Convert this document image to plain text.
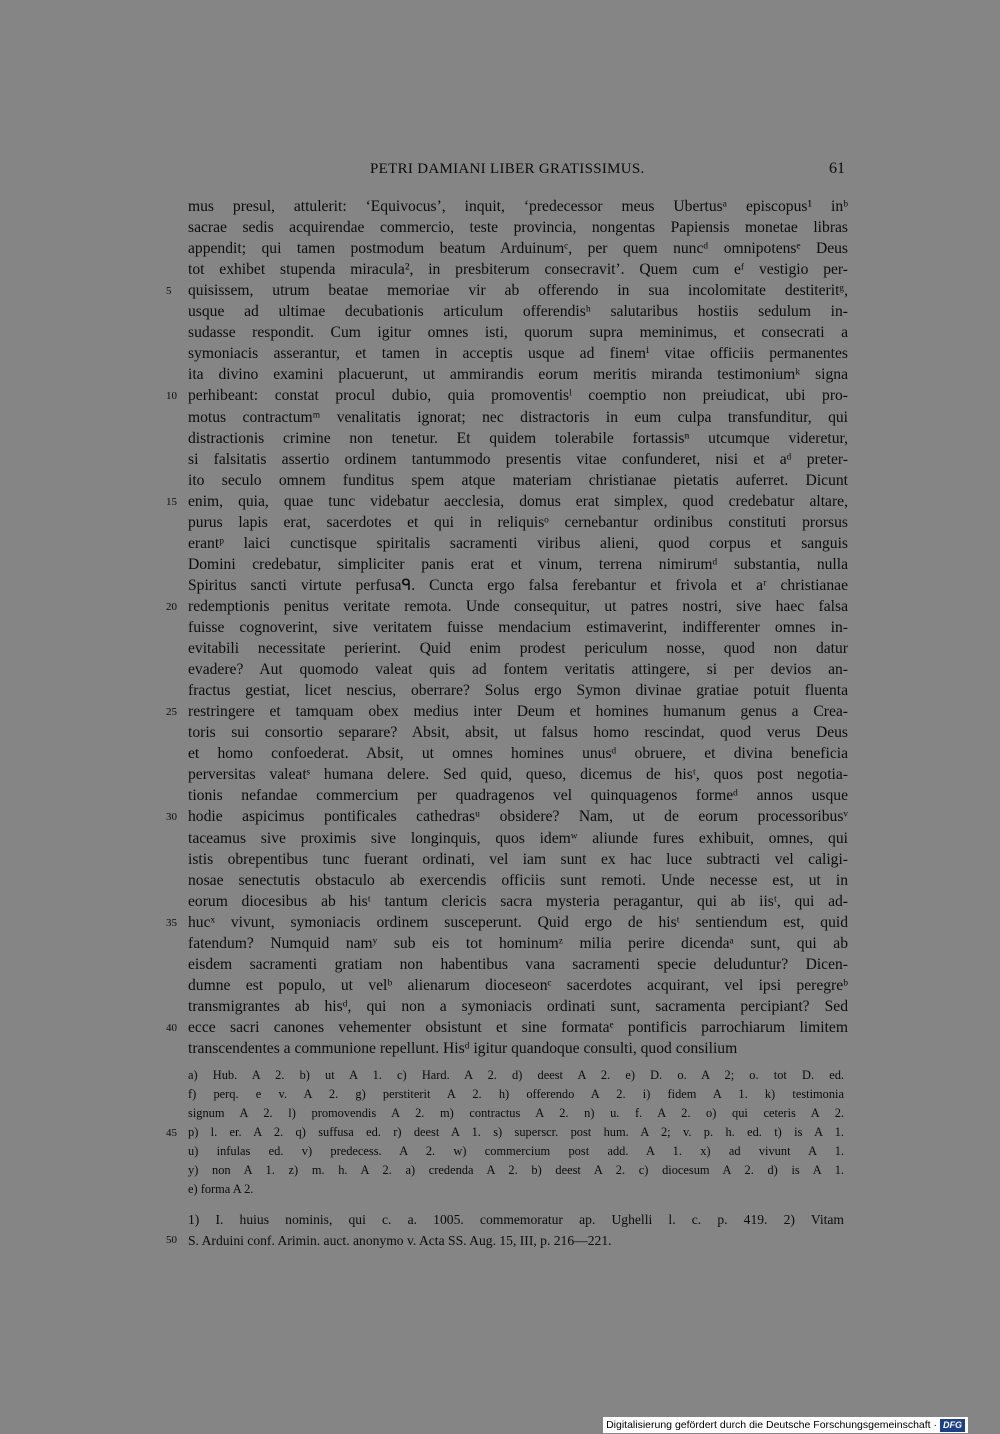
PETRI DAMIANI LIBER GRATISSIMUS.	61
mus presul, attulerit: ‘Equivocus’, inquit, ‘predecessor meus Ubertusᵃ episcopus¹ inᵇ
sacrae sedis acquirendae commercio, teste provincia, nongentas Papiensis monetae libras
appendit; qui tamen postmodum beatum Arduinumᶜ, per quem nuncᵈ omnipotensᵉ Deus
tot exhibet stupenda miracula², in presbiterum consecravit’. Quem cum eᶠ vestigio per-
quisissem, utrum beatae memoriae vir ab offerendo in sua incolomitate destiteritᵍ,
5
usque ad ultimae decubationis articulum offerendisʰ salutaribus hostiis sedulum in-
sudasse respondit. Cum igitur omnes isti, quorum supra meminimus, et consecrati a
symoniacis asserantur, et tamen in acceptis usque ad finemⁱ vitae officiis permanentes
ita divino examini placuerunt, ut ammirandis eorum meritis miranda testimoniumᵏ signa
perhibeant: constat procul dubio, quia promoventisˡ coemptio non preiudicat, ubi pro-
10
motus contractumᵐ venalitatis ignorat; nec distractoris in eum culpa transfunditur, qui
distractionis crimine non tenetur. Et quidem tolerabile fortassisⁿ utcumque videretur,
si falsitatis assertio ordinem tantummodo presentis vitae confunderet, nisi et aᵈ preter-
ito seculo omnem funditus spem atque materiam christianae pietatis auferret. Dicunt
enim, quia, quae tunc videbatur aecclesia, domus erat simplex, quod credebatur altare,
15
purus lapis erat, sacerdotes et qui in reliquisᵒ cernebantur ordinibus constituti prorsus
erantᵖ laici cunctisque spiritalis sacramenti viribus alieni, quod corpus et sanguis
Domini credebatur, simpliciter panis erat et vinum, terrena nimirumᵈ substantia, nulla
Spiritus sancti virtute perfusaᑫ. Cuncta ergo falsa ferebantur et frivola et aʳ christianae
redemptionis penitus veritate remota. Unde consequitur, ut patres nostri, sive haec falsa
20
fuisse cognoverint, sive veritatem fuisse mendacium estimaverint, indifferenter omnes in-
evitabili necessitate perierint. Quid enim prodest periculum nosse, quod non datur
evadere? Aut quomodo valeat quis ad fontem veritatis attingere, si per devios an-
fractus gestiat, licet nescius, oberrare? Solus ergo Symon divinae gratiae potuit fluenta
restringere et tamquam obex medius inter Deum et homines humanum genus a Crea-
25
toris sui consortio separare? Absit, absit, ut falsus homo rescindat, quod verus Deus
et homo confoederat. Absit, ut omnes homines unusᵈ obruere, et divina beneficia
perversitas valeatˢ humana delere. Sed quid, queso, dicemus de hisᵗ, quos post negotia-
tionis nefandae commercium per quadragenos vel quinquagenos formeᵈ annos usque
hodie aspicimus pontificales cathedrasᵘ obsidere? Nam, ut de eorum processoribusᵛ
30
taceamus sive proximis sive longinquis, quos idemʷ aliunde fures exhibuit, omnes, qui
istis obrepentibus tunc fuerant ordinati, vel iam sunt ex hac luce subtracti vel caligi-
nosae senectutis obstaculo ab exercendis officiis sunt remoti. Unde necesse est, ut in
eorum diocesibus ab hisᵗ tantum clericis sacra mysteria peragantur, qui ab iisᵗ, qui ad-
hucˣ vivunt, symoniacis ordinem susceperunt. Quid ergo de hisᵗ sentiendum est, quid
35
fatendum? Numquid namʸ sub eis tot hominumᶻ milia perire dicendaᵃ sunt, qui ab
eisdem sacramenti gratiam non habentibus vana sacramenti specie deluduntur? Dicen-
dumne est populo, ut velᵇ alienarum dioceseonᶜ sacerdotes acquirant, vel ipsi peregreᵇ
transmigrantes ab hisᵈ, qui non a symoniacis ordinati sunt, sacramenta percipiant? Sed
ecce sacri canones vehementer obsistunt et sine formataᵉ pontificis parrochiarum limitem
40
transcendentes a communione repellunt. Hisᵈ igitur quandoque consulti, quod consilium
a) Hub. A 2. b) ut A 1. c) Hard. A 2. d) deest A 2. e) D. o. A 2; o. tot D. ed.
f) perq. e v. A 2. g) perstiterit A 2. h) offerendo A 2. i) fidem A 1. k) testimonia
signum A 2. l) promovendis A 2. m) contractus A 2. n) u. f. A 2. o) qui ceteris A 2.
p) l. er. A 2. q) suffusa ed. r) deest A 1. s) superscr. post hum. A 2; v. p. h. ed. t) is A 1.
45
u) infulas ed. v) predecess. A 2. w) commercium post add. A 1. x) ad vivunt A 1.
y) non A 1. z) m. h. A 2. a) credenda A 2. b) deest A 2. c) diocesum A 2. d) is A 1.
e) forma A 2.
1) I. huius nominis, qui c. a. 1005. commemoratur ap. Ughelli l. c. p. 419. 2) Vitam
S. Arduini conf. Arimin. auct. anonymo v. Acta SS. Aug. 15, III, p. 216—221.
50
Digitalisierung gefördert durch die Deutsche Forschungsgemeinschaft · DFG
